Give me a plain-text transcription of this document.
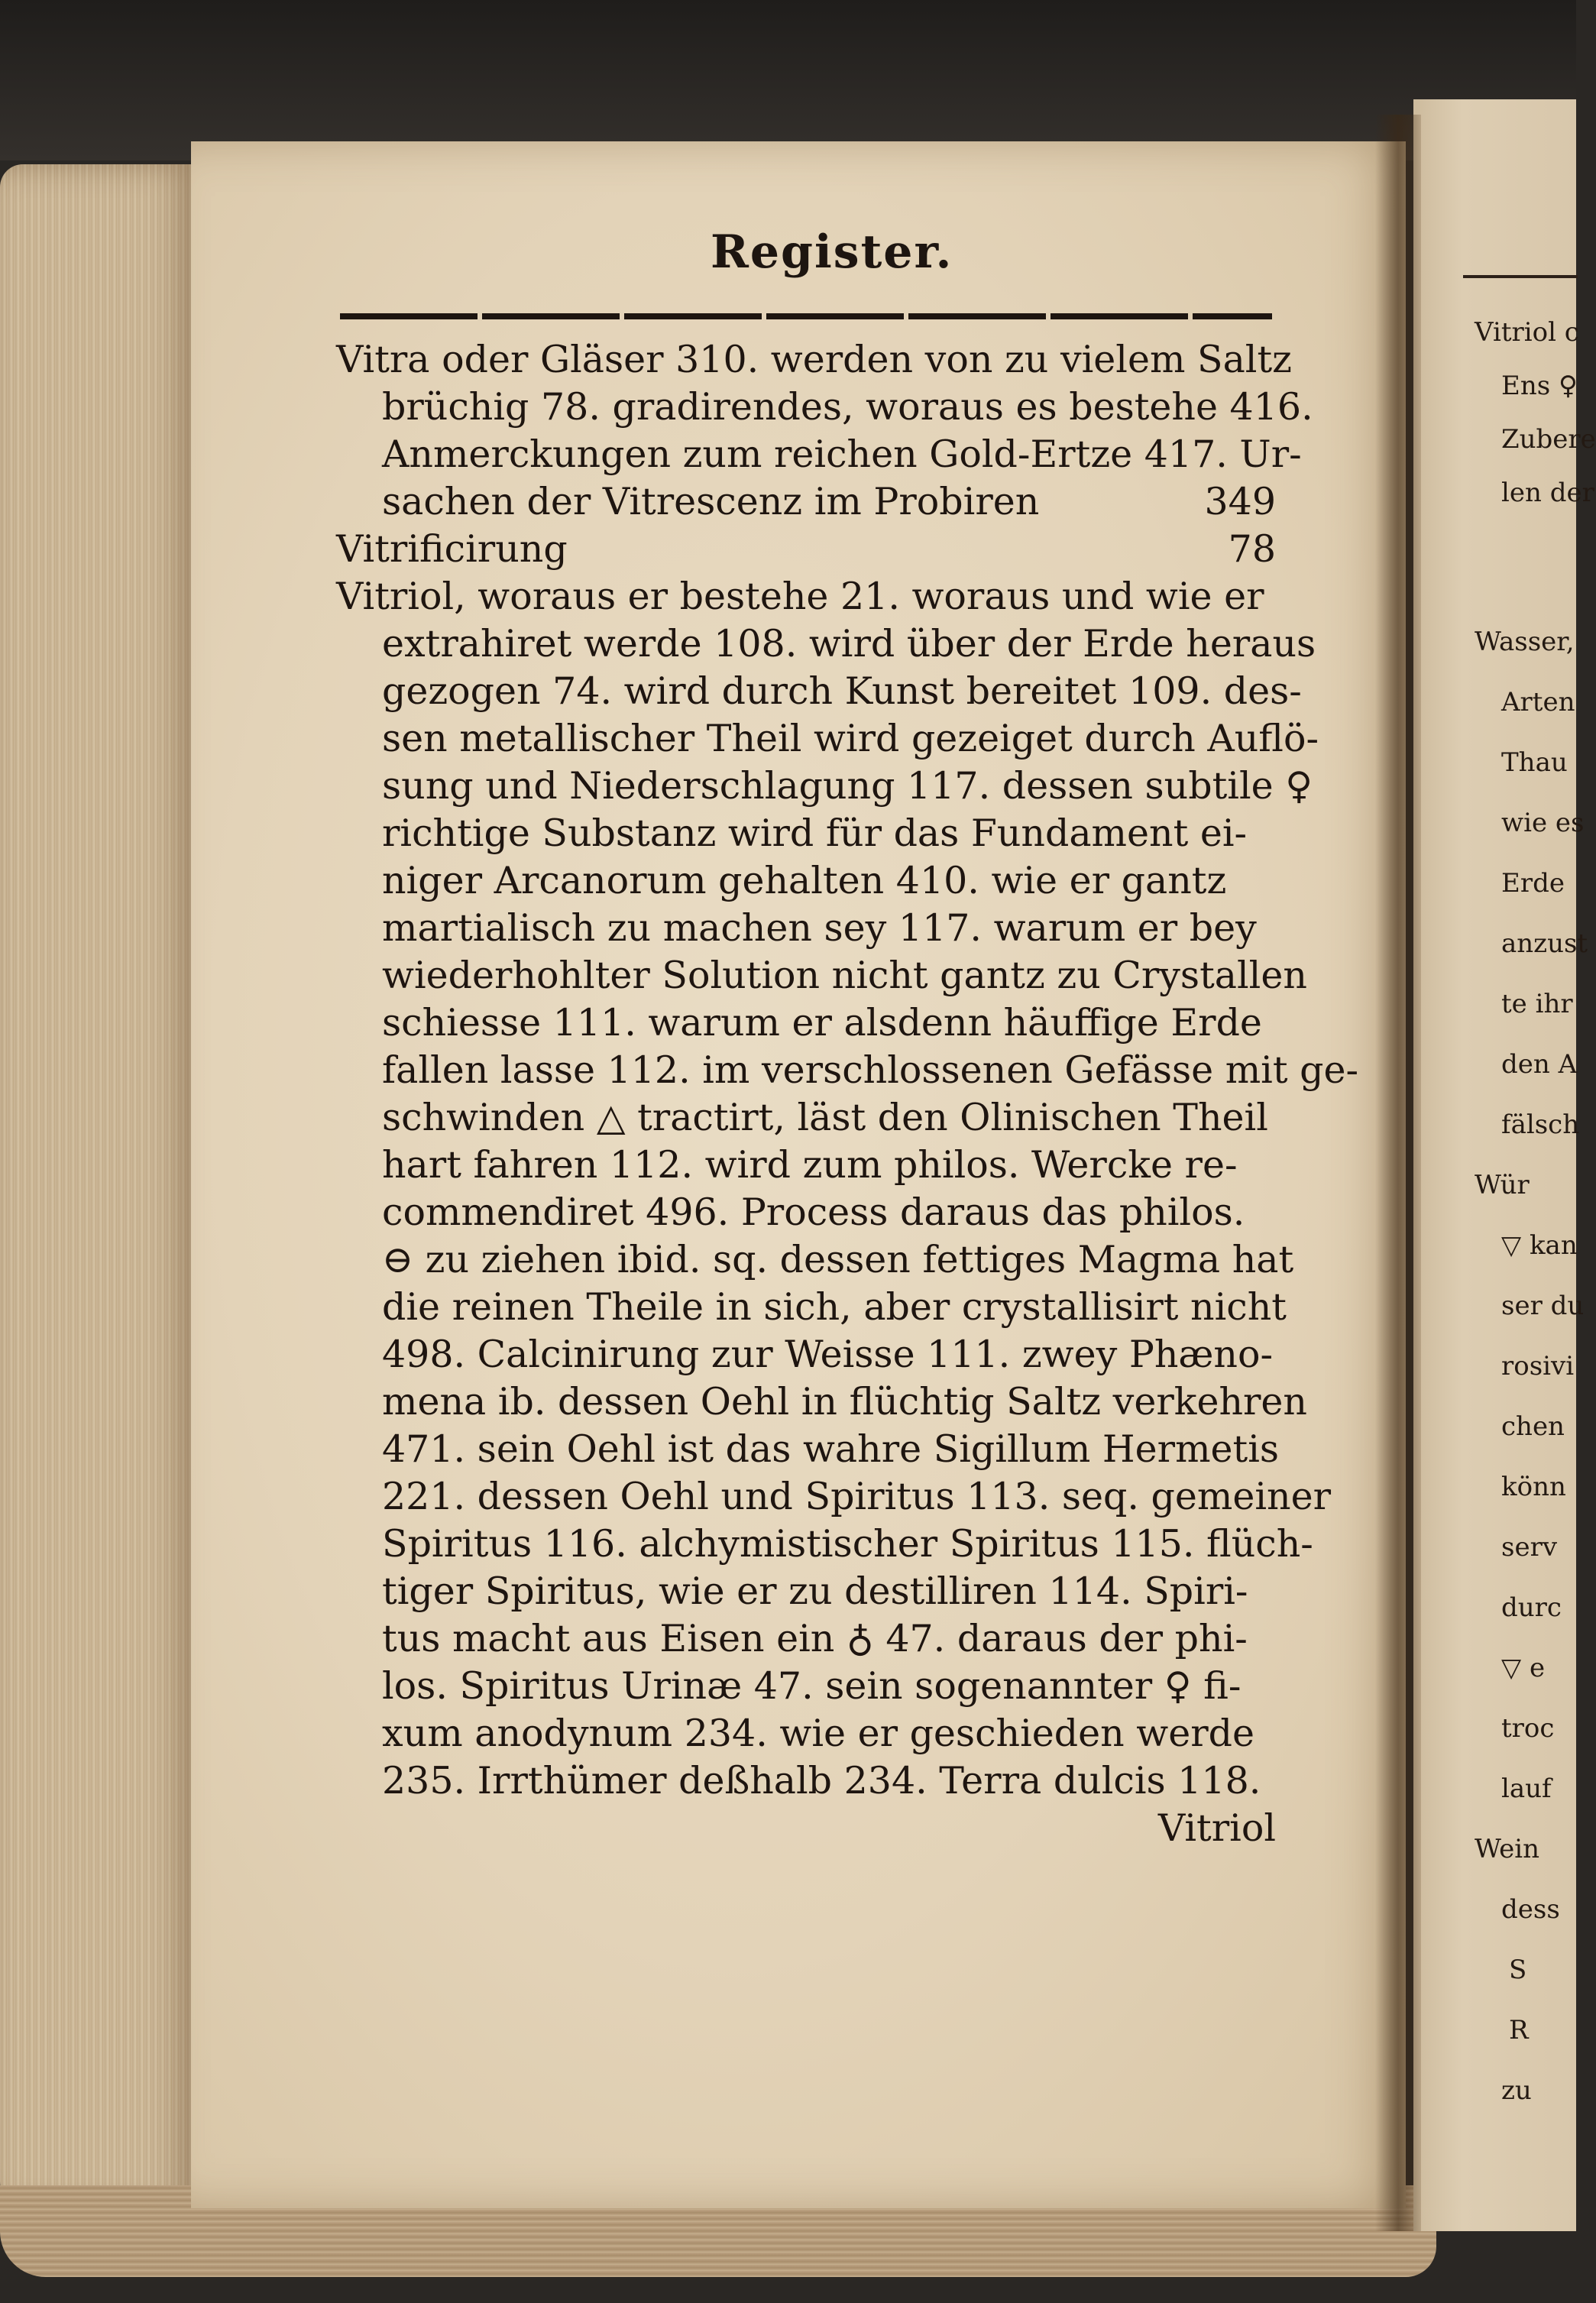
Vitriol c
Ens ♀
Zubere
len der
Wasser,
Arten
Thau
wie es
Erde
anzust
te ihr
den A
fälsch
Wür
▽ kan
ser du
rosivi
chen
könn
serv
durc
▽ e
troc
lauf
Wein
dess
S
R
zu
Register.
Vitra oder Gläser 310. werden von zu vielem Saltz
brüchig 78. gradirendes, woraus es bestehe 416.
Anmerckungen zum reichen Gold-Ertze 417. Ur-
sachen der Vitrescenz im Probiren	349
Vitrificirung	78
Vitriol, woraus er bestehe 21. woraus und wie er
extrahiret werde 108. wird über der Erde heraus
gezogen 74. wird durch Kunst bereitet 109. des-
sen metallischer Theil wird gezeiget durch Auflö-
sung und Niederschlagung 117. dessen subtile ♀
richtige Substanz wird für das Fundament ei-
niger Arcanorum gehalten 410. wie er gantz
martialisch zu machen sey 117. warum er bey
wiederhohlter Solution nicht gantz zu Crystallen
schiesse 111. warum er alsdenn häuffige Erde
fallen lasse 112. im verschlossenen Gefässe mit ge-
schwinden △ tractirt, läst den Olinischen Theil
hart fahren 112. wird zum philos. Wercke re-
commendiret 496. Process daraus das philos.
⊖ zu ziehen ibid. sq. dessen fettiges Magma hat
die reinen Theile in sich, aber crystallisirt nicht
498. Calcinirung zur Weisse 111. zwey Phæno-
mena ib. dessen Oehl in flüchtig Saltz verkehren
471. sein Oehl ist das wahre Sigillum Hermetis
221. dessen Oehl und Spiritus 113. seq. gemeiner
Spiritus 116. alchymistischer Spiritus 115. flüch-
tiger Spiritus, wie er zu destilliren 114. Spiri-
tus macht aus Eisen ein ♁ 47. daraus der phi-
los. Spiritus Urinæ 47. sein sogenannter ♀ fi-
xum anodynum 234. wie er geschieden werde
235. Irrthümer deßhalb 234. Terra dulcis 118.
Vitriol
